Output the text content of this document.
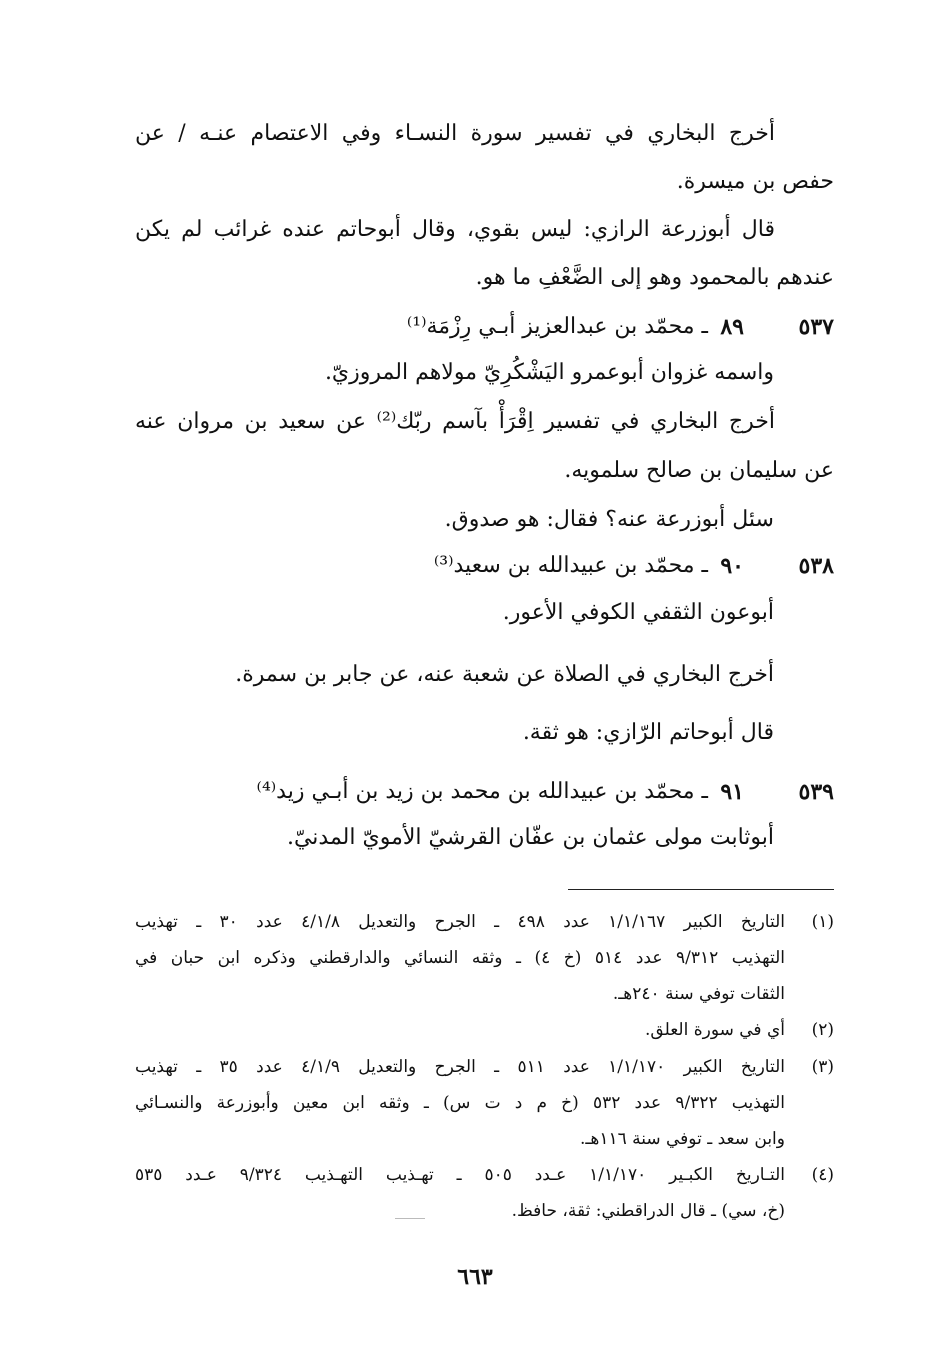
أخرج البخاري في تفسير سورة النسـاء وفي الاعتصام عنـه / عن
حفص بن ميسرة.
قال أبوزرعة الرازي: ليس بقوي، وقال أبوحاتم عنده غرائب لم يكن
عندهم بالمحمود وهو إلى الضَّعْفِ ما هو.
٥٣٧
٨٩
ـ محمّد بن عبدالعزيز أبـي رِزْمَة⁽¹⁾
واسمه غزوان أبوعمرو اليَشْكُرِيّ مولاهم المروزيّ.
أخرج البخاري في تفسير اِقْرَأْ بآسم ربّك⁽²⁾ عن سعيد بن مروان عنه
عن سليمان بن صالح سلمويه.
سئل أبوزرعة عنه؟ فقال: هو صدوق.
٥٣٨
٩٠
ـ محمّد بن عبيدالله بن سعيد⁽³⁾
أبوعون الثقفي الكوفي الأعور.
أخرج البخاري في الصلاة عن شعبة عنه، عن جابر بن سمرة.
قال أبوحاتم الرّازي: هو ثقة.
٥٣٩
٩١
ـ محمّد بن عبيدالله بن محمد بن زيد بن أبـي زيد⁽⁴⁾
أبوثابت مولى عثمان بن عفّان القرشيّ الأمويّ المدنيّ.
(١)
التاريخ الكبير ١/١/١٦٧ عدد ٤٩٨ ـ الجرح والتعديل ٤/١/٨ عدد ٣٠ ـ تهذيب
التهذيب ٩/٣١٢ عدد ٥١٤ (خ ٤) ـ وثقه النسائي والدارقطني وذكره ابن حبان في
الثقات توفي سنة ٢٤٠هـ.
(٢)
أي في سورة العلق.
(٣)
التاريخ الكبير ١/١/١٧٠ عدد ٥١١ ـ الجرح والتعديل ٤/١/٩ عدد ٣٥ ـ تهذيب
التهذيب ٩/٣٢٢ عدد ٥٣٢ (خ م د ت س) ـ وثقه ابن معين وأبوزرعة والنسـائي
وابن سعد ـ توفي سنة ١١٦هـ.
(٤)
التـاريخ الكبـير ١/١/١٧٠ عـدد ٥٠٥ ـ تهـذيب التهـذيب ٩/٣٢٤ عـدد ٥٣٥
(خ، سي) ـ قال الدراقطني: ثقة، حافظ.
٦٦٣
